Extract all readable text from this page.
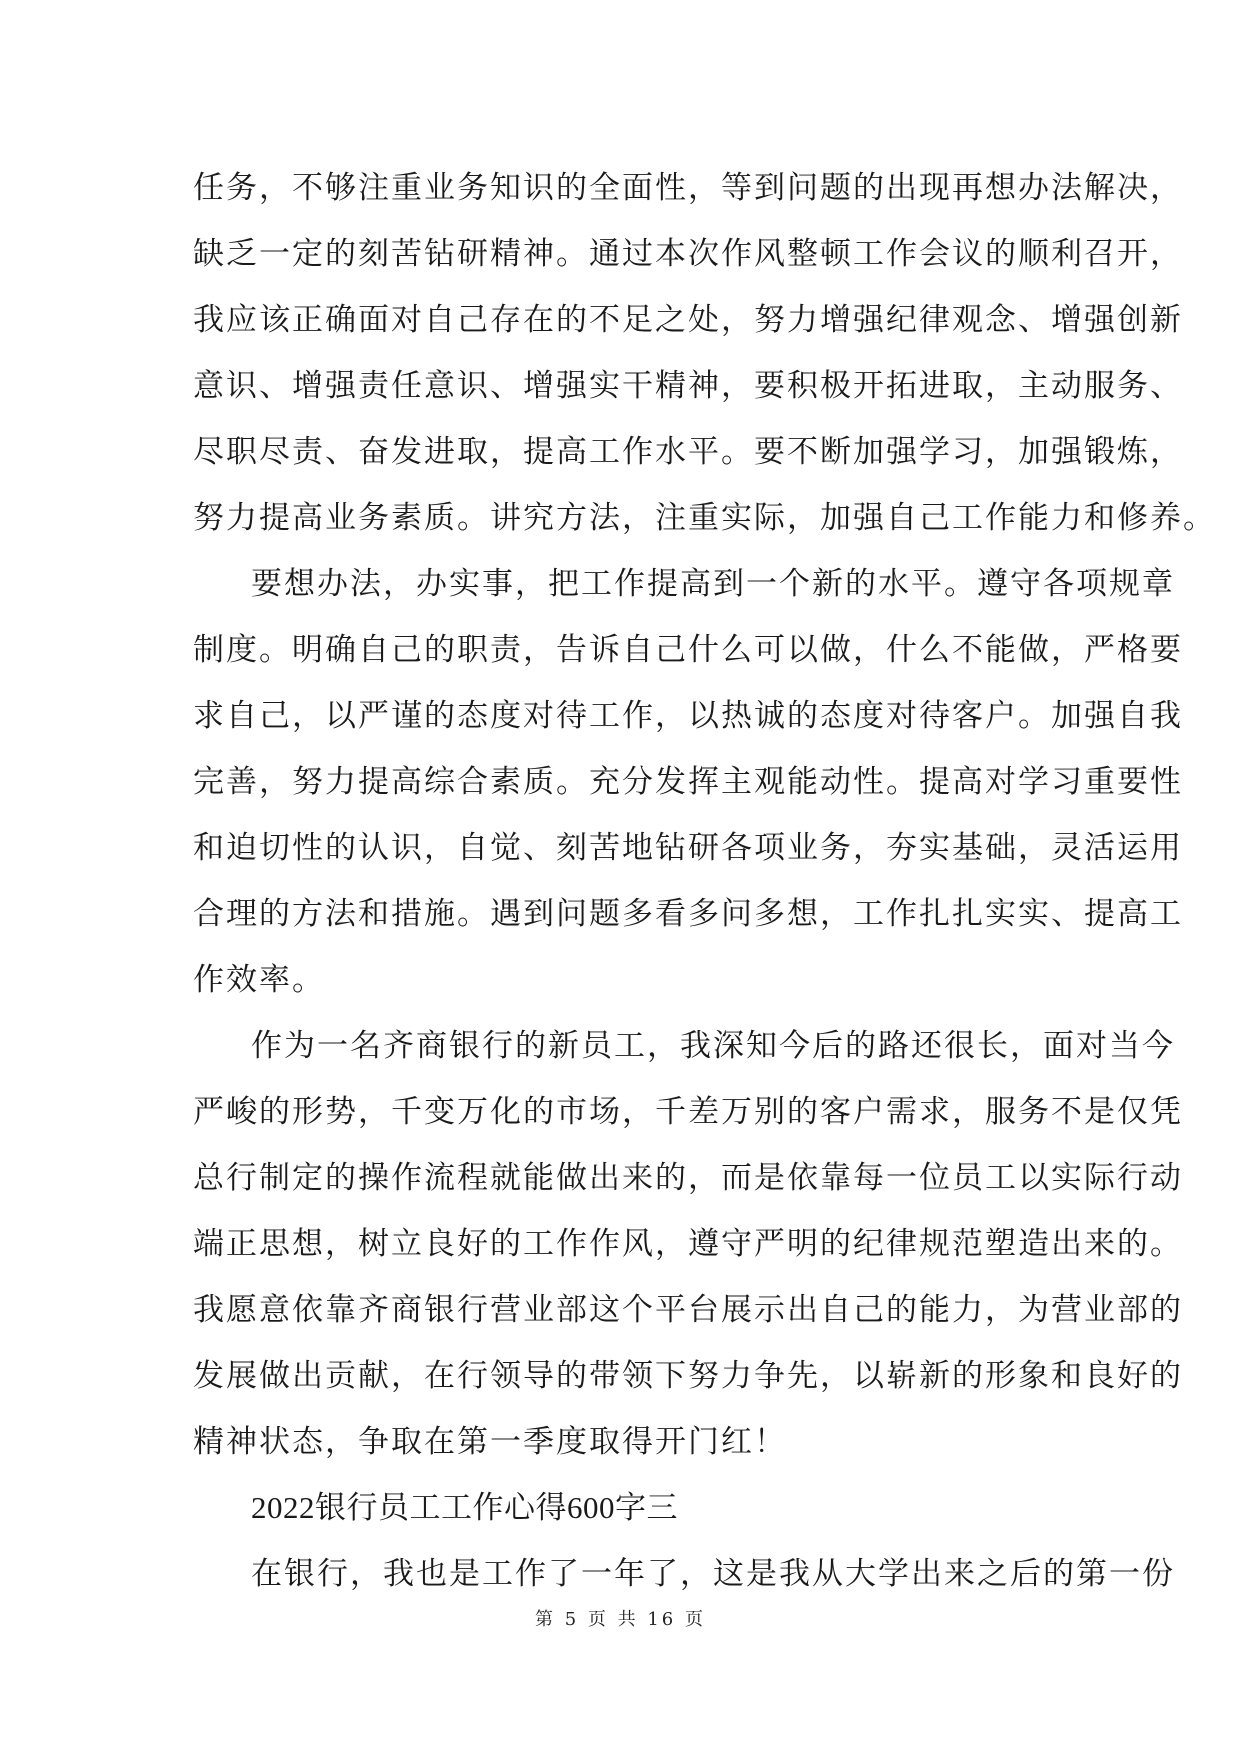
任务，不够注重业务知识的全面性，等到问题的出现再想办法解决，
缺乏一定的刻苦钻研精神。通过本次作风整顿工作会议的顺利召开，
我应该正确面对自己存在的不足之处，努力增强纪律观念、增强创新
意识、增强责任意识、增强实干精神，要积极开拓进取，主动服务、
尽职尽责、奋发进取，提高工作水平。要不断加强学习，加强锻炼，
努力提高业务素质。讲究方法，注重实际，加强自己工作能力和修养。
要想办法，办实事，把工作提高到一个新的水平。遵守各项规章
制度。明确自己的职责，告诉自己什么可以做，什么不能做，严格要
求自己，以严谨的态度对待工作，以热诚的态度对待客户。加强自我
完善，努力提高综合素质。充分发挥主观能动性。提高对学习重要性
和迫切性的认识，自觉、刻苦地钻研各项业务，夯实基础，灵活运用
合理的方法和措施。遇到问题多看多问多想，工作扎扎实实、提高工
作效率。
作为一名齐商银行的新员工，我深知今后的路还很长，面对当今
严峻的形势，千变万化的市场，千差万别的客户需求，服务不是仅凭
总行制定的操作流程就能做出来的，而是依靠每一位员工以实际行动
端正思想，树立良好的工作作风，遵守严明的纪律规范塑造出来的。
我愿意依靠齐商银行营业部这个平台展示出自己的能力，为营业部的
发展做出贡献，在行领导的带领下努力争先，以崭新的形象和良好的
精神状态，争取在第一季度取得开门红！
2022银行员工工作心得600字三
在银行，我也是工作了一年了，这是我从大学出来之后的第一份
第 5 页 共 16 页
